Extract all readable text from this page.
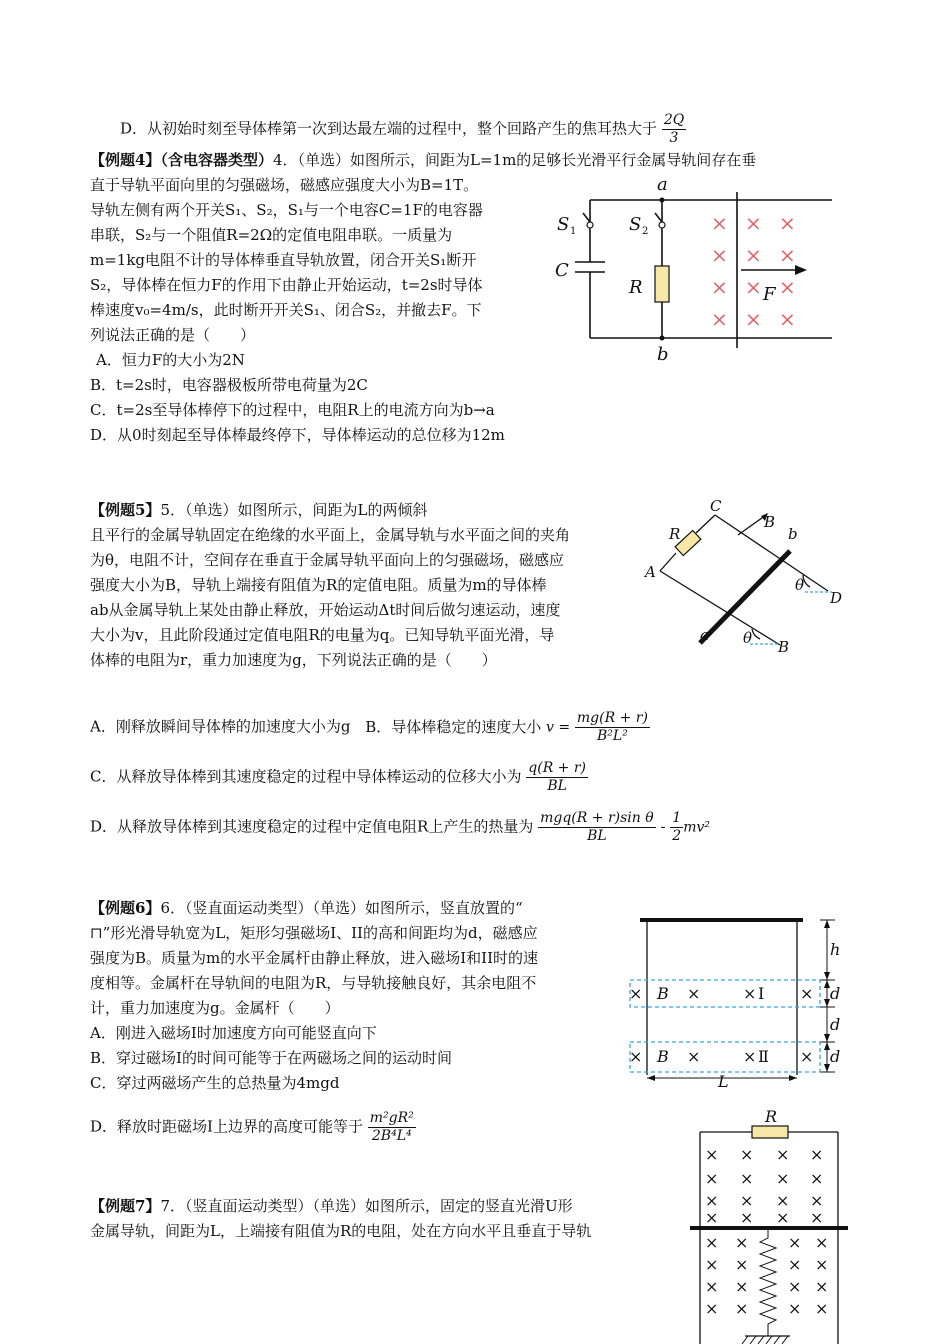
D．从初始时刻至导体棒第一次到达最左端的过程中，整个回路产生的焦耳热大于 $\frac{2Q}{3}$
【例题4】（含电容器类型）4．（单选）如图所示，间距为L=1m的足够长光滑平行金属导轨间存在垂
直于导轨平面向里的匀强磁场，磁感应强度大小为B=1T。
导轨左侧有两个开关S₁、S₂，S₁与一个电容C=1F的电容器
串联，S₂与一个阻值R=2Ω的定值电阻串联。一质量为
m=1kg电阻不计的导体棒垂直导轨放置，闭合开关S₁断开
S₂，导体棒在恒力F的作用下由静止开始运动，t=2s时导体
棒速度v₀=4m/s，此时断开开关S₁、闭合S₂，并撤去F。下
列说法正确的是（　　）
A．恒力F的大小为2N
B．t=2s时，电容器极板所带电荷量为2C
C．t=2s至导体棒停下的过程中，电阻R上的电流方向为b→a
D．从0时刻起至导体棒最终停下，导体棒运动的总位移为12m
a
b
S	S
C
R	F
1	2	× × ×
× × ×
× × ×
× × ×
【例题5】5．（单选）如图所示，间距为L的两倾斜
且平行的金属导轨固定在绝缘的水平面上，金属导轨与水平面之间的夹角
为θ，电阻不计，空间存在垂直于金属导轨平面向上的匀强磁场，磁感应
强度大小为B，导轨上端接有阻值为R的定值电阻。质量为m的导体棒
ab从金属导轨上某处由静止释放，开始运动Δt时间后做匀速运动，速度
大小为v，且此阶段通过定值电阻R的电量为q。已知导轨平面光滑，导
体棒的电阻为r，重力加速度为g，下列说法正确的是（　　）
A．刚释放瞬间导体棒的加速度大小为g B．导体棒稳定的速度大小 $v = \frac{mg(R + r)}{\text{B²L²}}$
C．从释放导体棒到其速度稳定的过程中导体棒运动的位移大小为 $\frac{q(R + r)}{BL}$
D．从释放导体棒到其速度稳定的过程中定值电阻R上产生的热量为 $\frac{\text{mgq(R + r)sin θ}}{BL} - \frac{1}{2} mv^2$
C
B
b
R
A
θ
D
a θ B
【例题6】6．（竖直面运动类型）（单选）如图所示，竖直放置的“
⊓”形光滑导轨宽为L，矩形匀强磁场I、II的高和间距均为d，磁感应
强度为B。质量为m的水平金属杆由静止释放，进入磁场I和II时的速
度相等。金属杆在导轨间的电阻为R，与导轨接触良好，其余电阻不
计，重力加速度为g。金属杆（　　）
A．刚进入磁场I时加速度方向可能竖直向下
B．穿过磁场I的时间可能等于在两磁场之间的运动时间
C．穿过两磁场产生的总热量为4mgd
D．释放时距磁场I上边界的高度可能等于 $\frac{\text{m²gR²}}{\text{2B⁴L⁴}}$
×	×	×	×
×	×	×	×
B
B
h
d
d
d
L
Ⅰ
Ⅱ
【例题7】7．（竖直面运动类型）（单选）如图所示，固定的竖直光滑U形
金属导轨，间距为L，上端接有阻值为R的电阻，处在方向水平且垂直于导轨
R
× × × ×
× × × ×
× × × ×
× × × ×
× × × ×
× × × ×
× × × ×
× × × ×
